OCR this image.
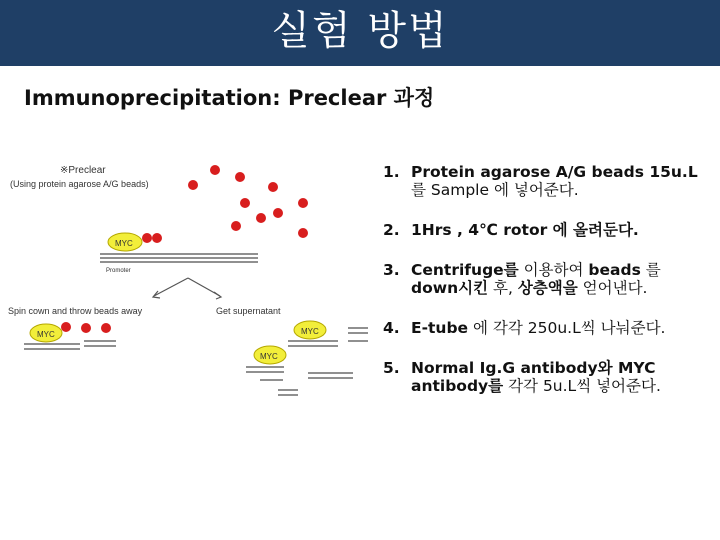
실험 방법
Immunoprecipitation: Preclear 과정
※Preclear
(Using protein agarose A/G beads)
MYC
Promoter
Spin cown and throw beads away	Get supernatant
MYC	MYC
MYC
1. Protein agarose A/G beads 15u.L
를 Sample 에 넣어준다.
2. 1Hrs , 4℃ rotor 에 올려둔다.
3. Centrifuge를 이용하여 beads 를
down시킨 후, 상층액을 얻어낸다.
4. E-tube 에 각각 250u.L씩 나눠준다.
5. Normal Ig.G antibody와 MYC
antibody를 각각 5u.L씩 넣어준다.
